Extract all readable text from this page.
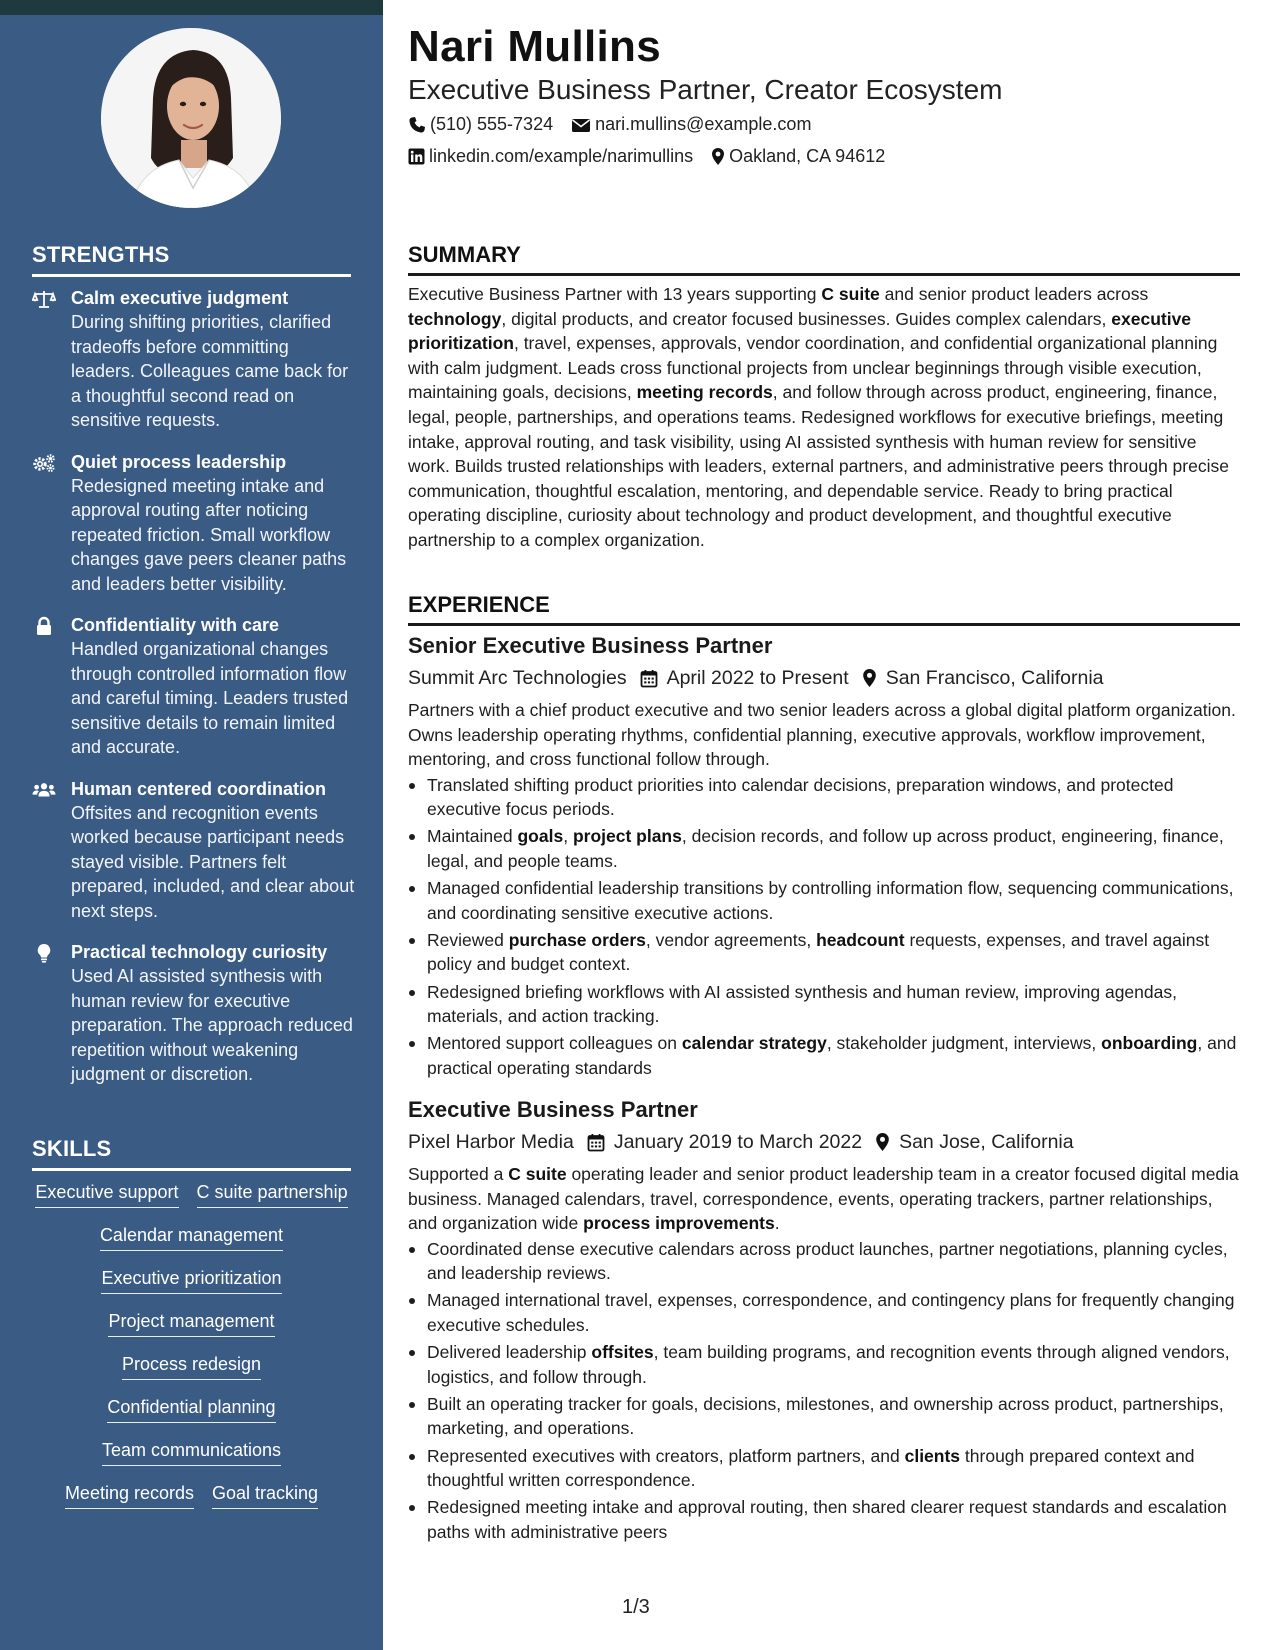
STRENGTHS
Calm executive judgment
During shifting priorities, clarified tradeoffs before committing leaders. Colleagues came back for a thoughtful second read on sensitive requests.
Quiet process leadership
Redesigned meeting intake and approval routing after noticing repeated friction. Small workflow changes gave peers cleaner paths and leaders better visibility.
Confidentiality with care
Handled organizational changes through controlled information flow and careful timing. Leaders trusted sensitive details to remain limited and accurate.
Human centered coordination
Offsites and recognition events worked because participant needs stayed visible. Partners felt prepared, included, and clear about next steps.
Practical technology curiosity
Used AI assisted synthesis with human review for executive preparation. The approach reduced repetition without weakening judgment or discretion.
SKILLS
Executive support C suite partnership
Calendar management
Executive prioritization
Project management
Process redesign
Confidential planning
Team communications
Meeting records Goal tracking
Nari Mullins
Executive Business Partner, Creator Ecosystem
(510) 555-7324 nari.mullins@example.com
linkedin.com/example/narimullins Oakland, CA 94612
SUMMARY

Executive Business Partner with 13 years supporting C suite and senior product leaders across technology, digital products, and creator focused businesses. Guides complex calendars, executive prioritization, travel, expenses, approvals, vendor coordination, and confidential organizational planning with calm judgment. Leads cross functional projects from unclear beginnings through visible execution, maintaining goals, decisions, meeting records, and follow through across product, engineering, finance, legal, people, partnerships, and operations teams. Redesigned workflows for executive briefings, meeting intake, approval routing, and task visibility, using AI assisted synthesis with human review for sensitive work. Builds trusted relationships with leaders, external partners, and administrative peers through precise communication, thoughtful escalation, mentoring, and dependable service. Ready to bring practical operating discipline, curiosity about technology and product development, and thoughtful executive partnership to a complex organization.

EXPERIENCE
Senior Executive Business Partner
Summit Arc Technologies April 2022 to Present San Francisco, California

Partners with a chief product executive and two senior leaders across a global digital platform organization. Owns leadership operating rhythms, confidential planning, executive approvals, workflow improvement, mentoring, and cross functional follow through.

Translated shifting product priorities into calendar decisions, preparation windows, and protected executive focus periods.
Maintained goals, project plans, decision records, and follow up across product, engineering, finance, legal, and people teams.
Managed confidential leadership transitions by controlling information flow, sequencing communications, and coordinating sensitive executive actions.
Reviewed purchase orders, vendor agreements, headcount requests, expenses, and travel against policy and budget context.
Redesigned briefing workflows with AI assisted synthesis and human review, improving agendas, materials, and action tracking.
Mentored support colleagues on calendar strategy, stakeholder judgment, interviews, onboarding, and practical operating standards
Executive Business Partner
Pixel Harbor Media January 2019 to March 2022 San Jose, California

Supported a C suite operating leader and senior product leadership team in a creator focused digital media business. Managed calendars, travel, correspondence, events, operating trackers, partner relationships, and organization wide process improvements.

Coordinated dense executive calendars across product launches, partner negotiations, planning cycles, and leadership reviews.
Managed international travel, expenses, correspondence, and contingency plans for frequently changing executive schedules.
Delivered leadership offsites, team building programs, and recognition events through aligned vendors, logistics, and follow through.
Built an operating tracker for goals, decisions, milestones, and ownership across product, partnerships, marketing, and operations.
Represented executives with creators, platform partners, and clients through prepared context and thoughtful written correspondence.
Redesigned meeting intake and approval routing, then shared clearer request standards and escalation paths with administrative peers
1/3
